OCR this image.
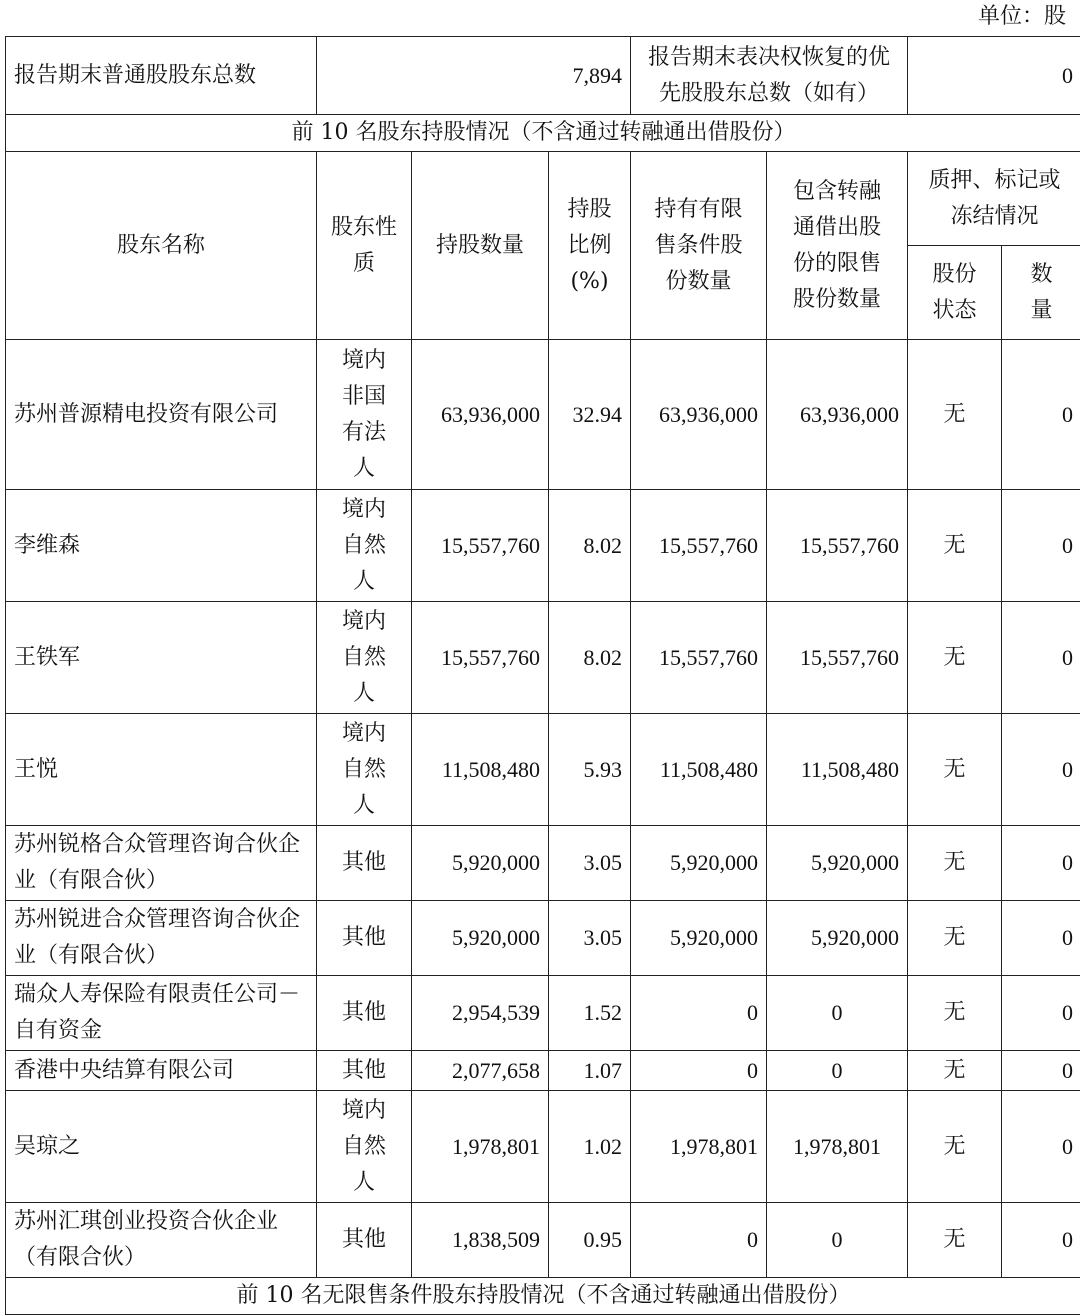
单位：股
报告期末普通股股东总数	7,894			报告期末表决权恢复的优先股股东总数（如有）		0	
前 10 名股东持股情况（不含通过转融通出借股份）							
股东名称	股东性质	持股数量	持股比例(%)	持有有限售条件股份数量	包含转融通借出股份的限售股份数量	质押、标记或冻结情况	
						股份状态	数量
苏州普源精电投资有限公司	境内非国有法人	63,936,000	32.94	63,936,000	63,936,000	无	0
李维森	境内自然人	15,557,760	8.02	15,557,760	15,557,760	无	0
王铁军	境内自然人	15,557,760	8.02	15,557,760	15,557,760	无	0
王悦	境内自然人	11,508,480	5.93	11,508,480	11,508,480	无	0
苏州锐格合众管理咨询合伙企业（有限合伙）	其他	5,920,000	3.05	5,920,000	5,920,000	无	0
苏州锐进合众管理咨询合伙企业（有限合伙）	其他	5,920,000	3.05	5,920,000	5,920,000	无	0
瑞众人寿保险有限责任公司－自有资金	其他	2,954,539	1.52	0	0	无	0
香港中央结算有限公司	其他	2,077,658	1.07	0	0	无	0
吴琼之	境内自然人	1,978,801	1.02	1,978,801	1,978,801	无	0
苏州汇琪创业投资合伙企业（有限合伙）	其他	1,838,509	0.95	0	0	无	0
前 10 名无限售条件股东持股情况（不含通过转融通出借股份）							
